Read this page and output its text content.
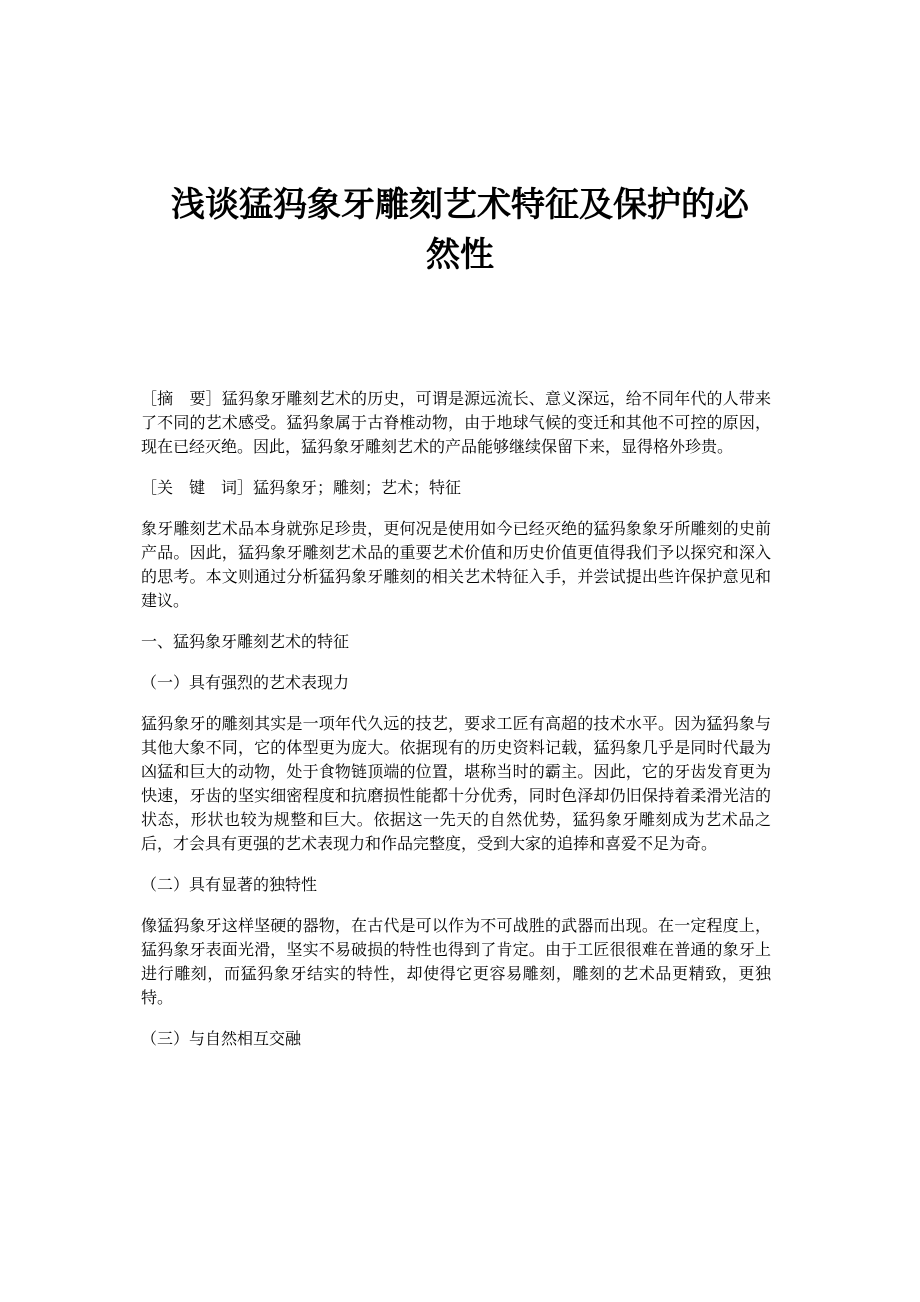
浅谈猛犸象牙雕刻艺术特征及保护的必
然性

［摘　要］猛犸象牙雕刻艺术的历史，可谓是源远流长、意义深远，给不同年代的人带来了不同的艺术感受。猛犸象属于古脊椎动物，由于地球气候的变迁和其他不可控的原因，现在已经灭绝。因此，猛犸象牙雕刻艺术的产品能够继续保留下来，显得格外珍贵。

［关　键　词］猛犸象牙；雕刻；艺术；特征

象牙雕刻艺术品本身就弥足珍贵，更何况是使用如今已经灭绝的猛犸象象牙所雕刻的史前产品。因此，猛犸象牙雕刻艺术品的重要艺术价值和历史价值更值得我们予以探究和深入的思考。本文则通过分析猛犸象牙雕刻的相关艺术特征入手，并尝试提出些许保护意见和建议。

一、猛犸象牙雕刻艺术的特征

（一）具有强烈的艺术表现力

猛犸象牙的雕刻其实是一项年代久远的技艺，要求工匠有高超的技术水平。因为猛犸象与其他大象不同，它的体型更为庞大。依据现有的历史资料记载，猛犸象几乎是同时代最为凶猛和巨大的动物，处于食物链顶端的位置，堪称当时的霸主。因此，它的牙齿发育更为快速，牙齿的坚实细密程度和抗磨损性能都十分优秀，同时色泽却仍旧保持着柔滑光洁的状态，形状也较为规整和巨大。依据这一先天的自然优势，猛犸象牙雕刻成为艺术品之后，才会具有更强的艺术表现力和作品完整度，受到大家的追捧和喜爱不足为奇。

（二）具有显著的独特性

像猛犸象牙这样坚硬的器物，在古代是可以作为不可战胜的武器而出现。在一定程度上，猛犸象牙表面光滑，坚实不易破损的特性也得到了肯定。由于工匠很很难在普通的象牙上进行雕刻，而猛犸象牙结实的特性，却使得它更容易雕刻，雕刻的艺术品更精致，更独特。

（三）与自然相互交融
